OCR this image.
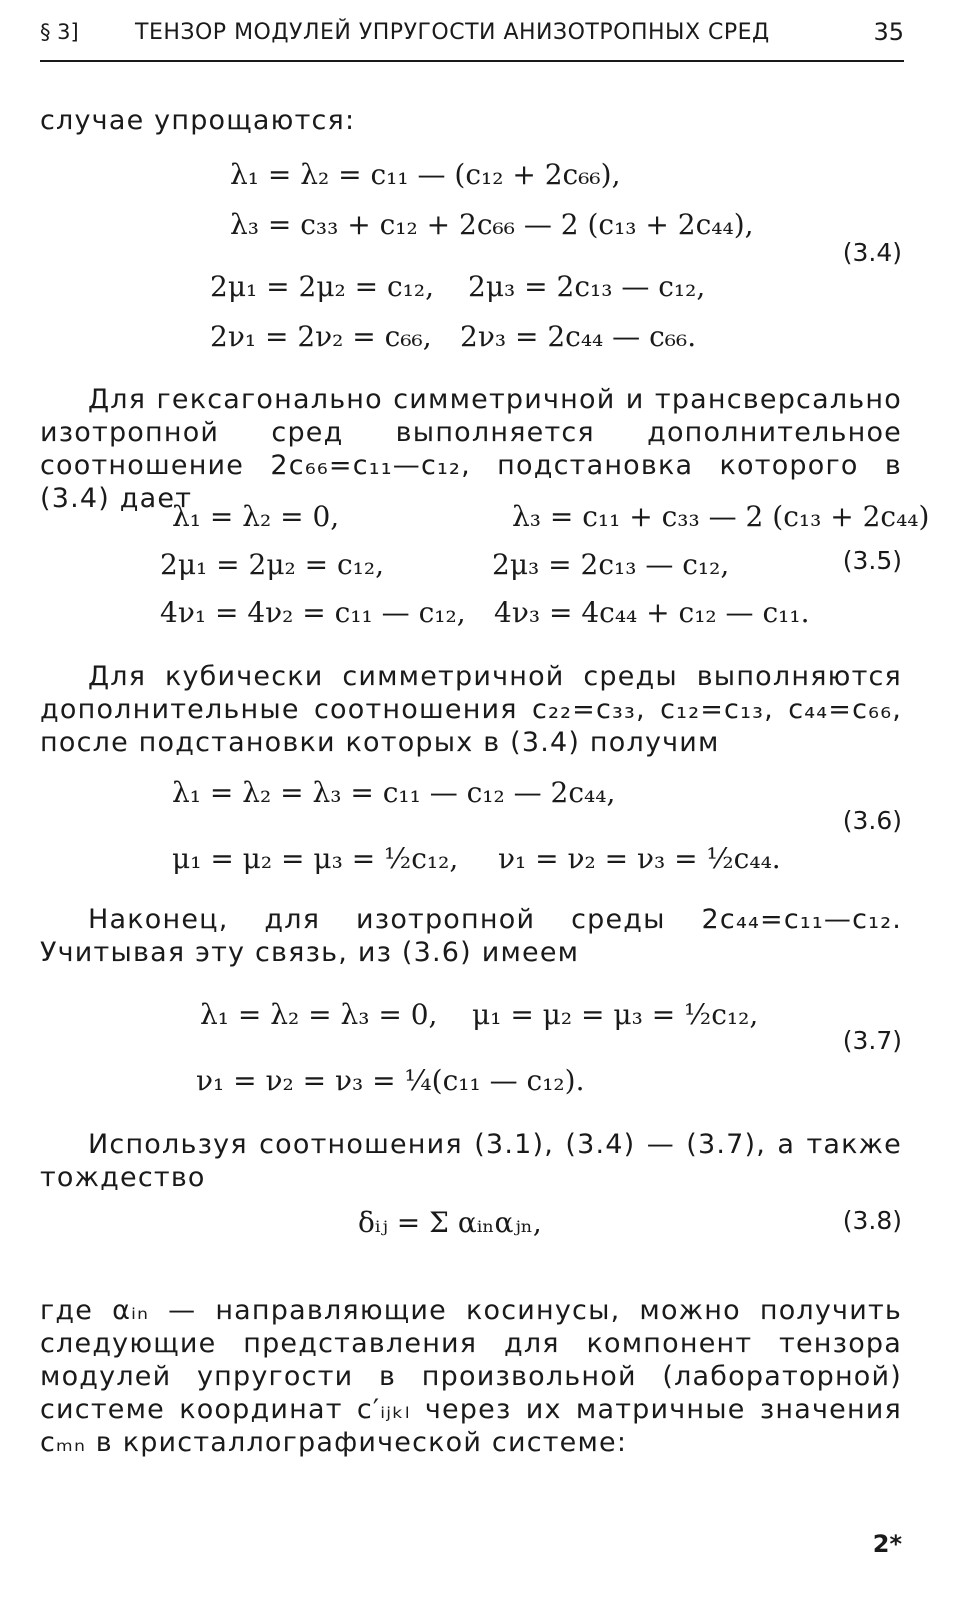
§ 3]	ТЕНЗОР МОДУЛЕЙ УПРУГОСТИ АНИЗОТРОПНЫХ СРЕД	35

случае упрощаются:

λ₁ = λ₂ = c₁₁ — (c₁₂ + 2c₆₆),
λ₃ = c₃₃ + c₁₂ + 2c₆₆ — 2 (c₁₃ + 2c₄₄),
2μ₁ = 2μ₂ = c₁₂, 2μ₃ = 2c₁₃ — c₁₂,
2ν₁ = 2ν₂ = c₆₆, 2ν₃ = 2c₄₄ — c₆₆.
(3.4)

Для гексагонально симметричной и трансверсально изотропной сред выполняется дополнительное соотношение 2c₆₆=c₁₁—c₁₂, подстановка которого в (3.4) дает

λ₁ = λ₂ = 0,	λ₃ = c₁₁ + c₃₃ — 2 (c₁₃ + 2c₄₄)
2μ₁ = 2μ₂ = c₁₂,	2μ₃ = 2c₁₃ — c₁₂,
4ν₁ = 4ν₂ = c₁₁ — c₁₂, 4ν₃ = 4c₄₄ + c₁₂ — c₁₁.
(3.5)

Для кубически симметричной среды выполняются дополнительные соотношения c₂₂=c₃₃, c₁₂=c₁₃, c₄₄=c₆₆, после подстановки которых в (3.4) получим

λ₁ = λ₂ = λ₃ = c₁₁ — c₁₂ — 2c₄₄,
μ₁ = μ₂ = μ₃ = ½c₁₂, ν₁ = ν₂ = ν₃ = ½c₄₄.
(3.6)

Наконец, для изотропной среды 2c₄₄=c₁₁—c₁₂. Учитывая эту связь, из (3.6) имеем

λ₁ = λ₂ = λ₃ = 0, μ₁ = μ₂ = μ₃ = ½c₁₂,
ν₁ = ν₂ = ν₃ = ¼(c₁₁ — c₁₂).
(3.7)

Используя соотношения (3.1), (3.4) — (3.7), а также тождество

δᵢⱼ = Σ αᵢₙαⱼₙ,	(3.8)

где αᵢₙ — направляющие косинусы, можно получить следующие представления для компонент тензора модулей упругости в произвольной (лабораторной) системе координат c′ᵢⱼₖₗ через их матричные значения cₘₙ в кристаллографической системе:

2*
